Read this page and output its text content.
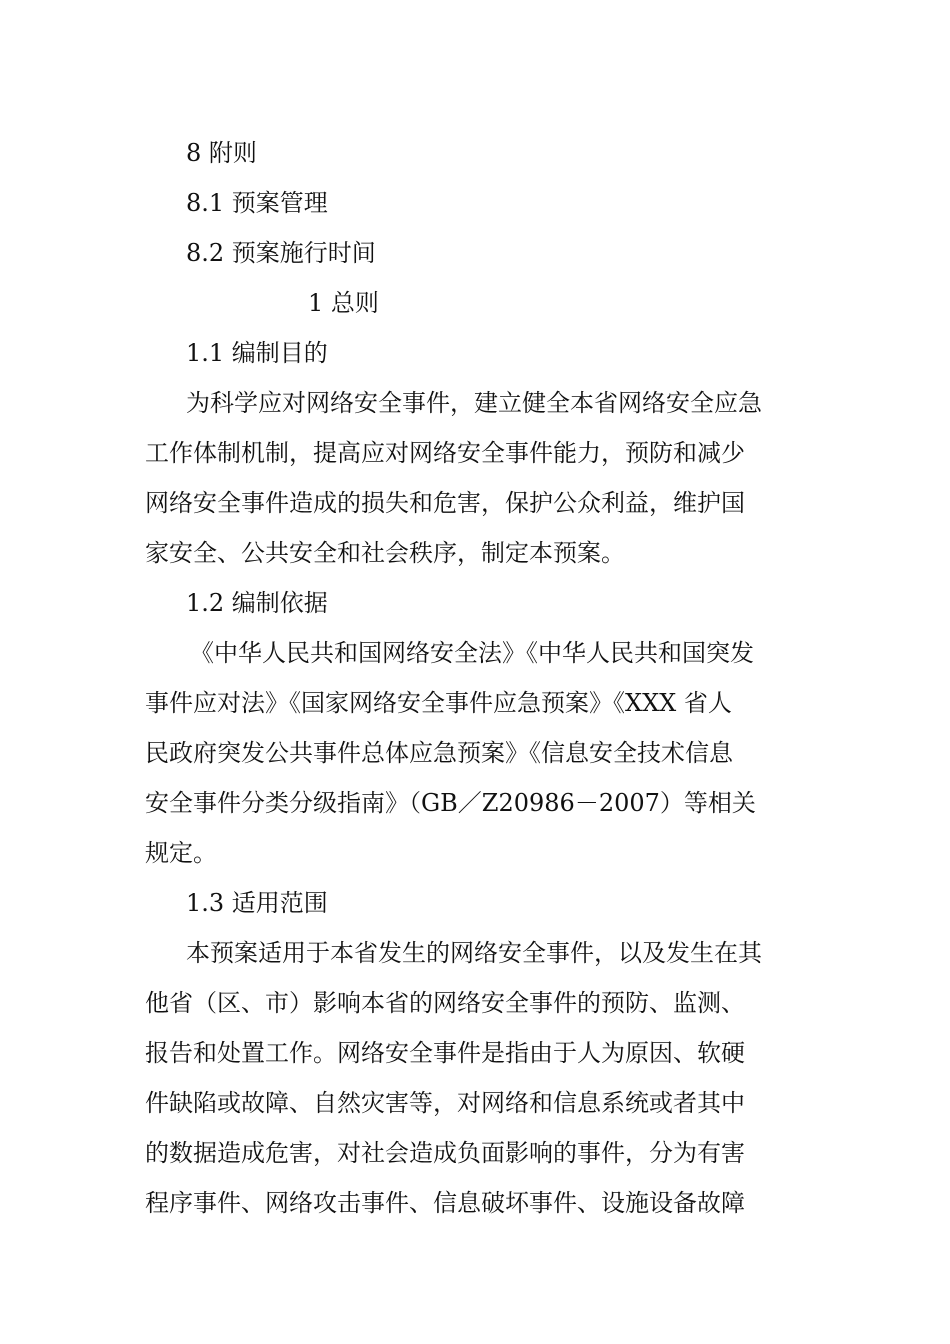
8 附则
8.1 预案管理
8.2 预案施行时间
1 总则
1.1 编制目的
为科学应对网络安全事件，建立健全本省网络安全应急
工作体制机制，提高应对网络安全事件能力，预防和减少
网络安全事件造成的损失和危害，保护公众利益，维护国
家安全、公共安全和社会秩序，制定本预案。
1.2 编制依据
《中华人民共和国网络安全法》《中华人民共和国突发
事件应对法》《国家网络安全事件应急预案》《XXX 省人
民政府突发公共事件总体应急预案》《信息安全技术信息
安全事件分类分级指南》（GB／Z20986－2007）等相关
规定。
1.3 适用范围
本预案适用于本省发生的网络安全事件，以及发生在其
他省（区、市）影响本省的网络安全事件的预防、监测、
报告和处置工作。网络安全事件是指由于人为原因、软硬
件缺陷或故障、自然灾害等，对网络和信息系统或者其中
的数据造成危害，对社会造成负面影响的事件，分为有害
程序事件、网络攻击事件、信息破坏事件、设施设备故障
